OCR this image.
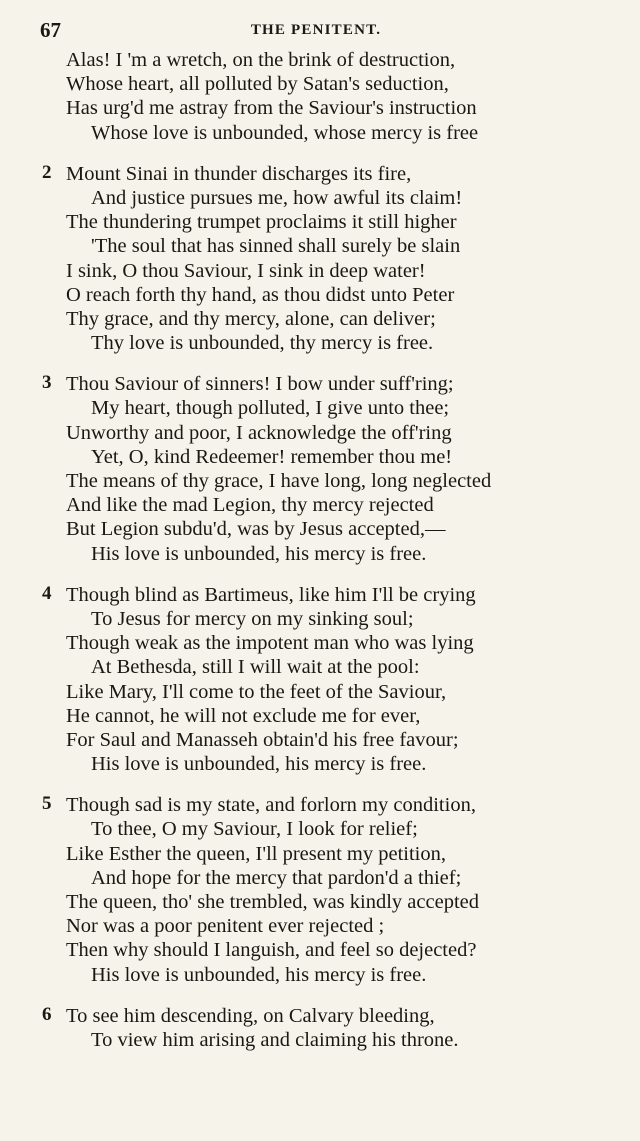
67	THE PENITENT.
Alas! I 'm a wretch, on the brink of destruction,
Whose heart, all polluted by Satan's seduction,
Has urg'd me astray from the Saviour's instruction
Whose love is unbounded, whose mercy is free
2 Mount Sinai in thunder discharges its fire,
And justice pursues me, how awful its claim!
The thundering trumpet proclaims it still higher
'The soul that has sinned shall surely be slain
I sink, O thou Saviour, I sink in deep water!
O reach forth thy hand, as thou didst unto Peter
Thy grace, and thy mercy, alone, can deliver;
Thy love is unbounded, thy mercy is free.
3 Thou Saviour of sinners! I bow under suff'ring;
My heart, though polluted, I give unto thee;
Unworthy and poor, I acknowledge the off'ring
Yet, O, kind Redeemer! remember thou me!
The means of thy grace, I have long, long neglected
And like the mad Legion, thy mercy rejected
But Legion subdu'd, was by Jesus accepted,—
His love is unbounded, his mercy is free.
4 Though blind as Bartimeus, like him I'll be crying
To Jesus for mercy on my sinking soul;
Though weak as the impotent man who was lying
At Bethesda, still I will wait at the pool:
Like Mary, I'll come to the feet of the Saviour,
He cannot, he will not exclude me for ever,
For Saul and Manasseh obtain'd his free favour;
His love is unbounded, his mercy is free.
5 Though sad is my state, and forlorn my condition,
To thee, O my Saviour, I look for relief;
Like Esther the queen, I'll present my petition,
And hope for the mercy that pardon'd a thief;
The queen, tho' she trembled, was kindly accepted
Nor was a poor penitent ever rejected ;
Then why should I languish, and feel so dejected?
His love is unbounded, his mercy is free.
6 To see him descending, on Calvary bleeding,
To view him arising and claiming his throne.
